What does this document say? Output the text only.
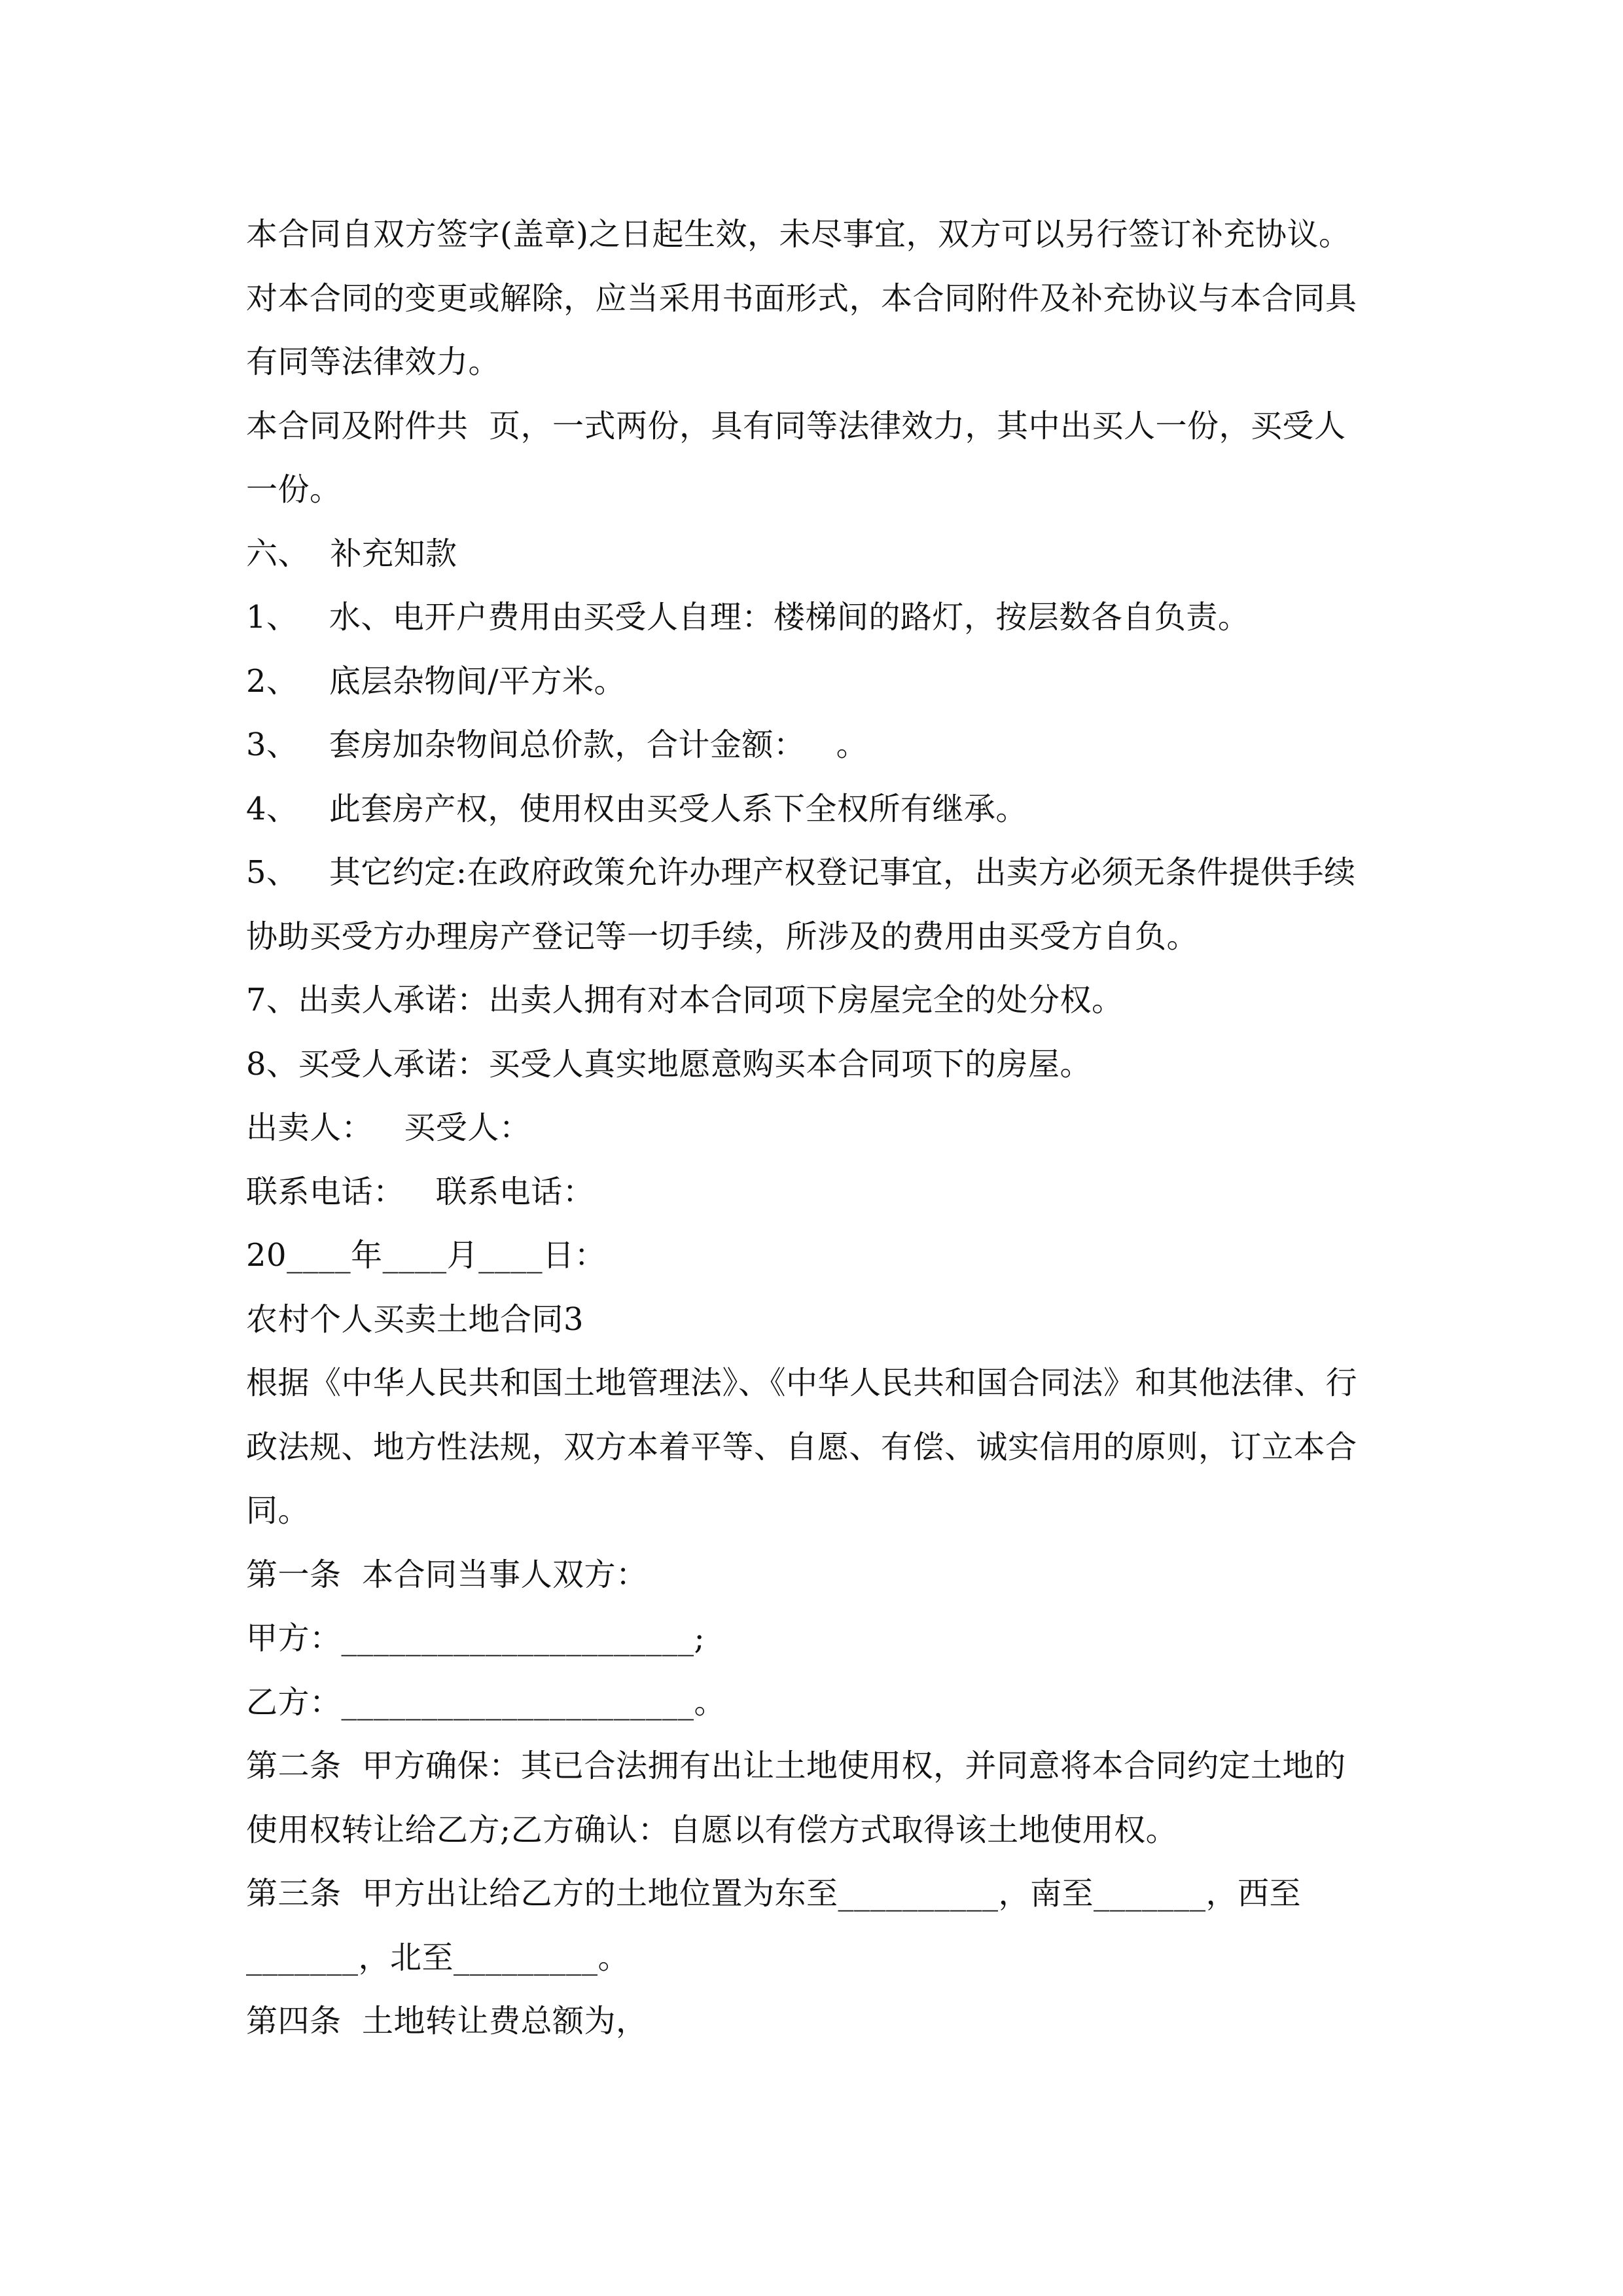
本合同自双方签字(盖章)之日起生效，未尽事宜，双方可以另行签订补充协议。
对本合同的变更或解除，应当采用书面形式，本合同附件及补充协议与本合同具
有同等法律效力。
本合同及附件共  页，一式两份，具有同等法律效力，其中出买人一份，买受人
一份。
六、  补充知款
1、   水、电开户费用由买受人自理：楼梯间的路灯，按层数各自负责。
2、   底层杂物间/平方米。
3、   套房加杂物间总价款，合计金额：   。
4、   此套房产权，使用权由买受人系下全权所有继承。
5、   其它约定:在政府政策允许办理产权登记事宜，出卖方必须无条件提供手续
协助买受方办理房产登记等一切手续，所涉及的费用由买受方自负。
7、出卖人承诺：出卖人拥有对本合同项下房屋完全的处分权。
8、买受人承诺：买受人真实地愿意购买本合同项下的房屋。
出卖人：   买受人：
联系电话：   联系电话：
20____年____月____日：
农村个人买卖土地合同3
根据《中华人民共和国土地管理法》、《中华人民共和国合同法》和其他法律、行
政法规、地方性法规，双方本着平等、自愿、有偿、诚实信用的原则，订立本合
同。
第一条  本合同当事人双方：
甲方：______________________;
乙方：______________________。
第二条  甲方确保：其已合法拥有出让土地使用权，并同意将本合同约定土地的
使用权转让给乙方;乙方确认：自愿以有偿方式取得该土地使用权。
第三条  甲方出让给乙方的土地位置为东至__________，南至_______，西至
_______，北至_________。
第四条  土地转让费总额为，
